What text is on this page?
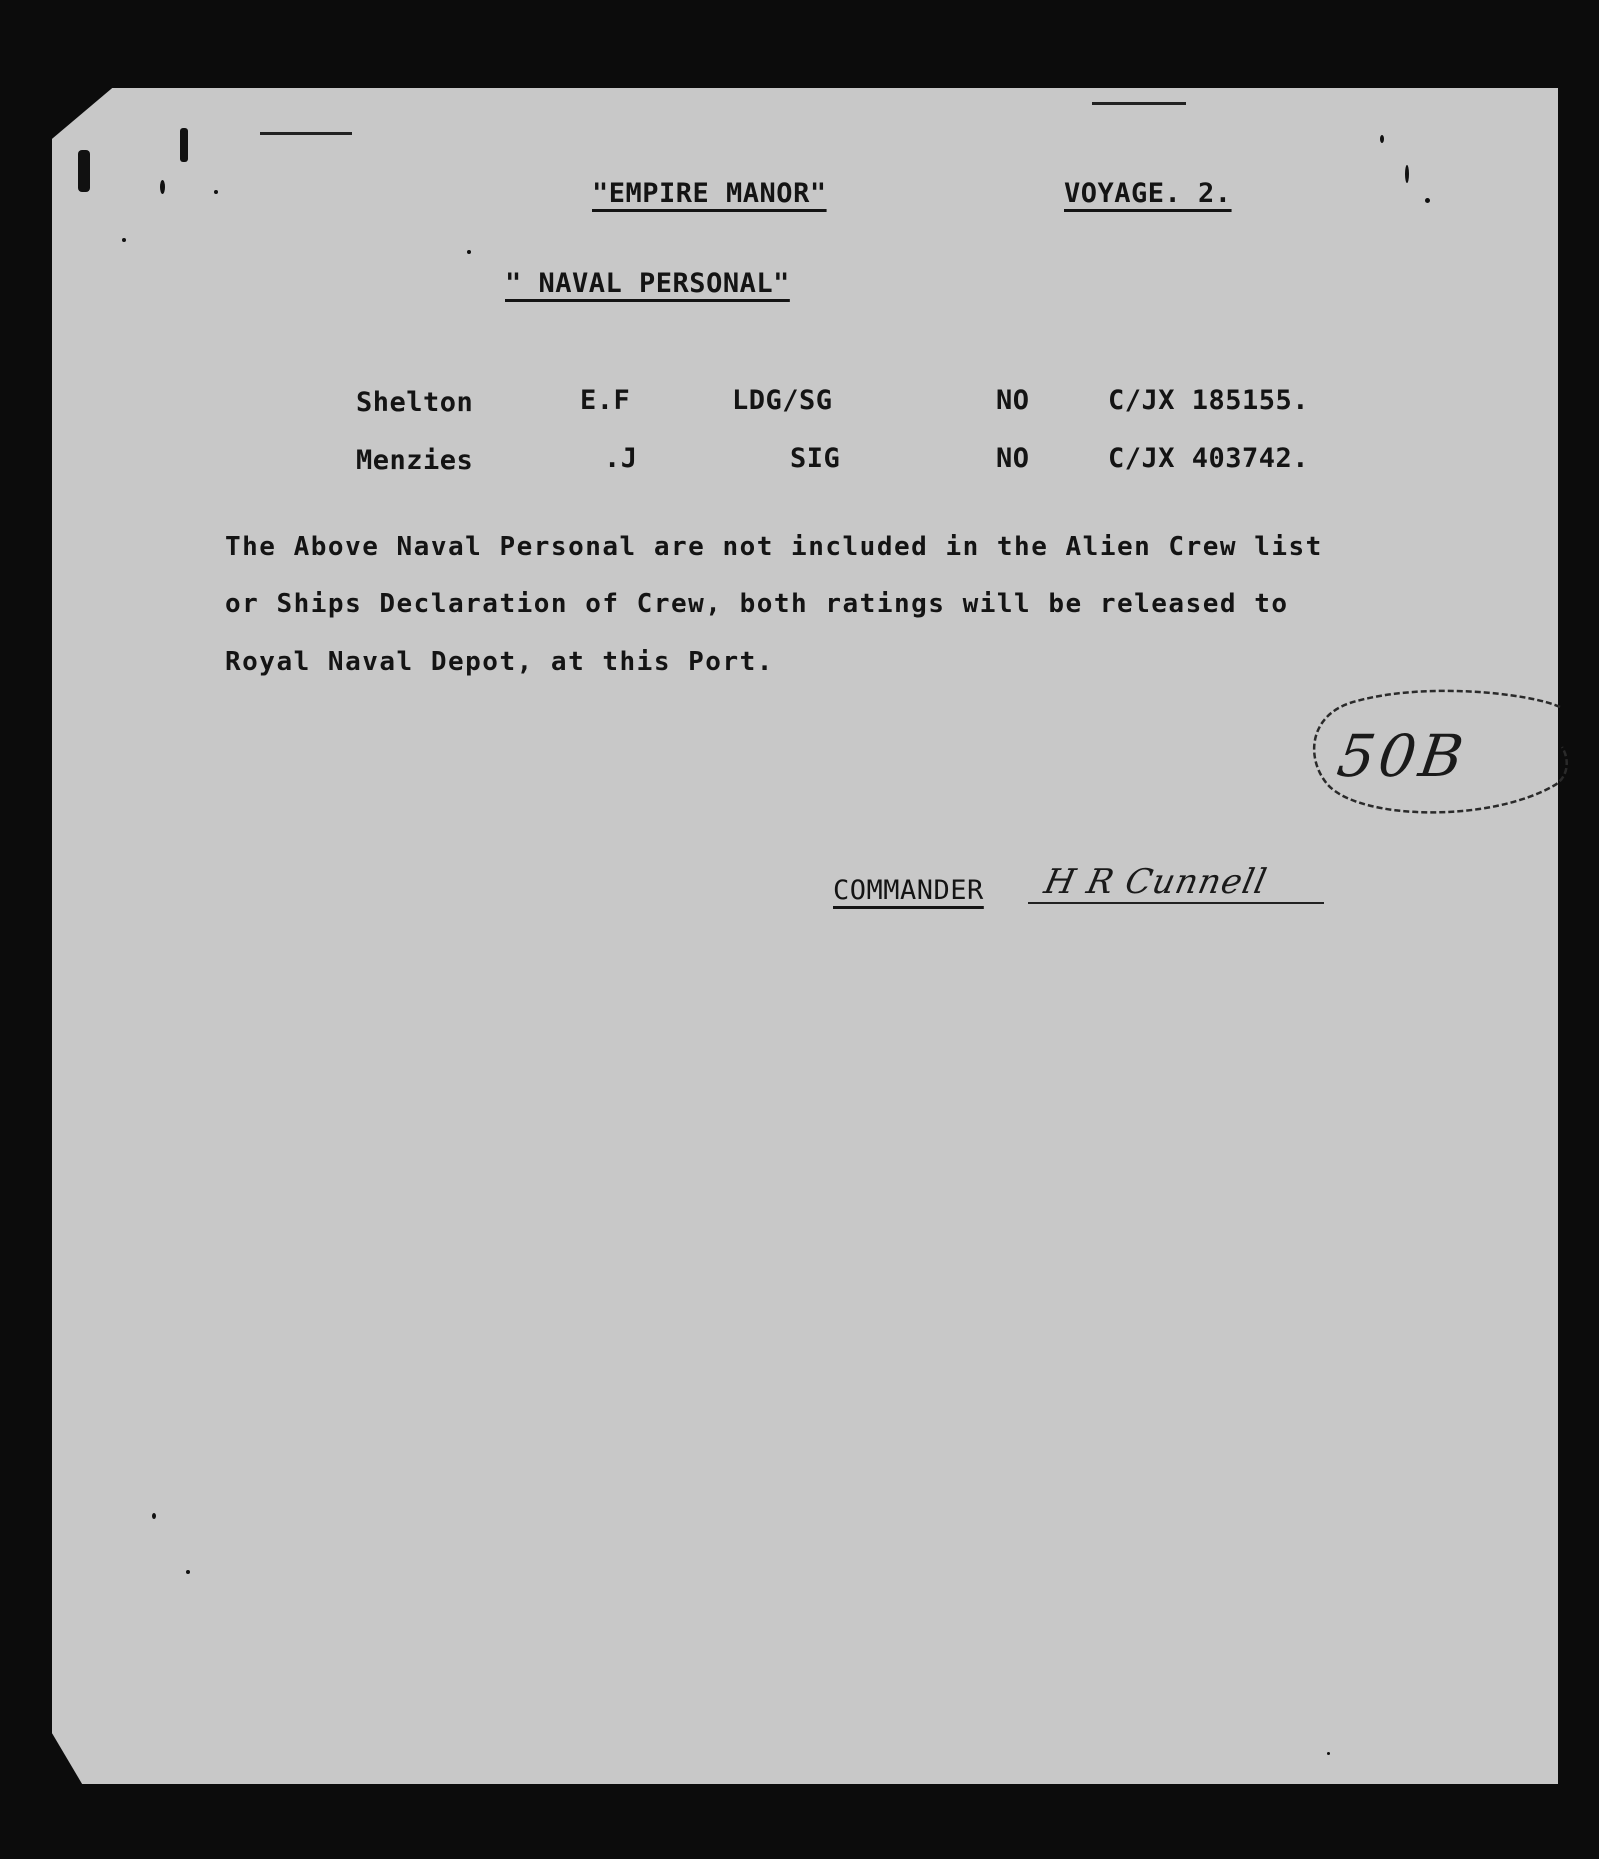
"EMPIRE MANOR"	VOYAGE. 2.
" NAVAL PERSONAL"
Shelton	E.F	LDG/SG	NO	C/JX 185155.
Menzies	.J	SIG	NO	C/JX 403742.
The Above Naval Personal are not included in the Alien Crew list
or Ships Declaration of Crew, both ratings will be released to
Royal Naval Depot, at this Port.
50B
COMMANDER H R Cunnell
